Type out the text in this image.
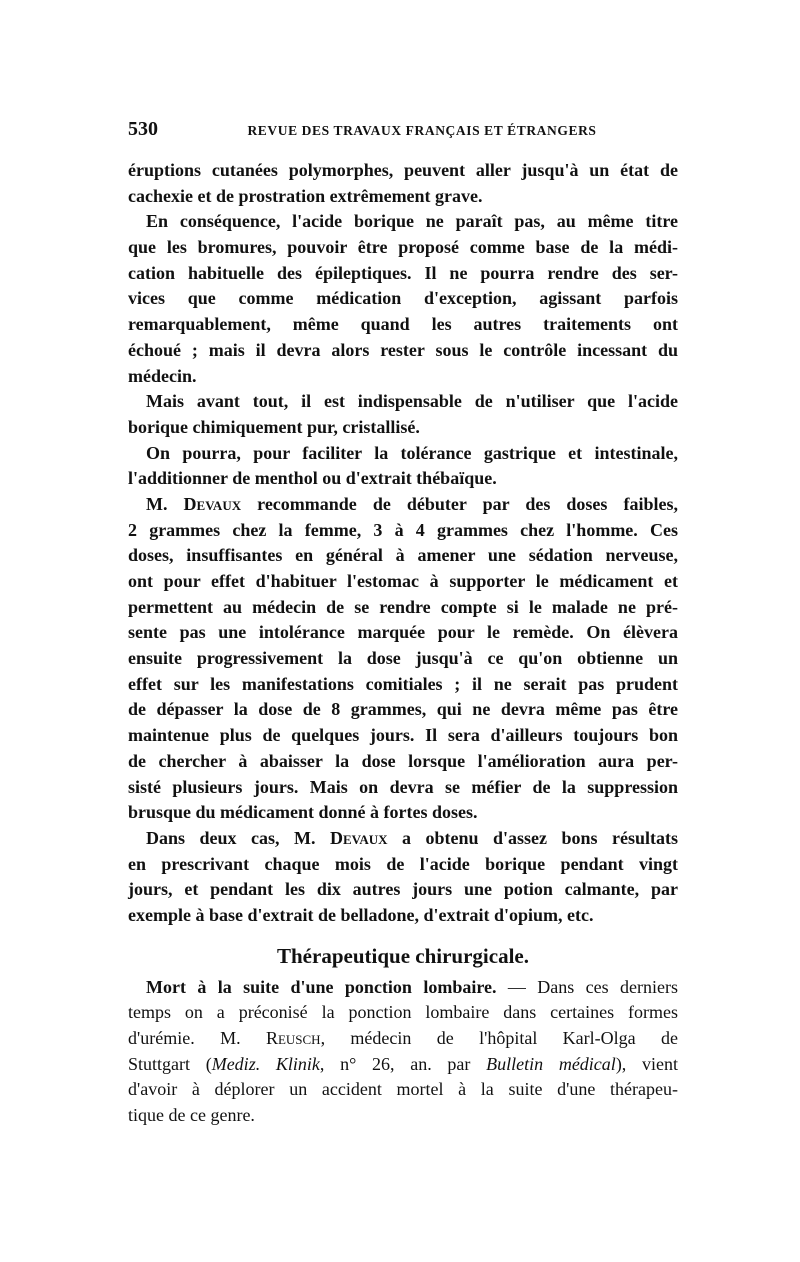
530	REVUE DES TRAVAUX FRANÇAIS ET ÉTRANGERS
éruptions cutanées polymorphes, peuvent aller jusqu'à un état de
cachexie et de prostration extrêmement grave.
En conséquence, l'acide borique ne paraît pas, au même titre
que les bromures, pouvoir être proposé comme base de la médi-
cation habituelle des épileptiques. Il ne pourra rendre des ser-
vices que comme médication d'exception, agissant parfois
remarquablement, même quand les autres traitements ont
échoué ; mais il devra alors rester sous le contrôle incessant du
médecin.
Mais avant tout, il est indispensable de n'utiliser que l'acide
borique chimiquement pur, cristallisé.
On pourra, pour faciliter la tolérance gastrique et intestinale,
l'additionner de menthol ou d'extrait thébaïque.
M. Devaux recommande de débuter par des doses faibles,
2 grammes chez la femme, 3 à 4 grammes chez l'homme. Ces
doses, insuffisantes en général à amener une sédation nerveuse,
ont pour effet d'habituer l'estomac à supporter le médicament et
permettent au médecin de se rendre compte si le malade ne pré-
sente pas une intolérance marquée pour le remède. On élèvera
ensuite progressivement la dose jusqu'à ce qu'on obtienne un
effet sur les manifestations comitiales ; il ne serait pas prudent
de dépasser la dose de 8 grammes, qui ne devra même pas être
maintenue plus de quelques jours. Il sera d'ailleurs toujours bon
de chercher à abaisser la dose lorsque l'amélioration aura per-
sisté plusieurs jours. Mais on devra se méfier de la suppression
brusque du médicament donné à fortes doses.
Dans deux cas, M. Devaux a obtenu d'assez bons résultats
en prescrivant chaque mois de l'acide borique pendant vingt
jours, et pendant les dix autres jours une potion calmante, par
exemple à base d'extrait de belladone, d'extrait d'opium, etc.
Thérapeutique chirurgicale.
Mort à la suite d'une ponction lombaire. — Dans ces derniers
temps on a préconisé la ponction lombaire dans certaines formes
d'urémie. M. Reusch, médecin de l'hôpital Karl-Olga de
Stuttgart (Mediz. Klinik, n° 26, an. par Bulletin médical), vient
d'avoir à déplorer un accident mortel à la suite d'une thérapeu-
tique de ce genre.
